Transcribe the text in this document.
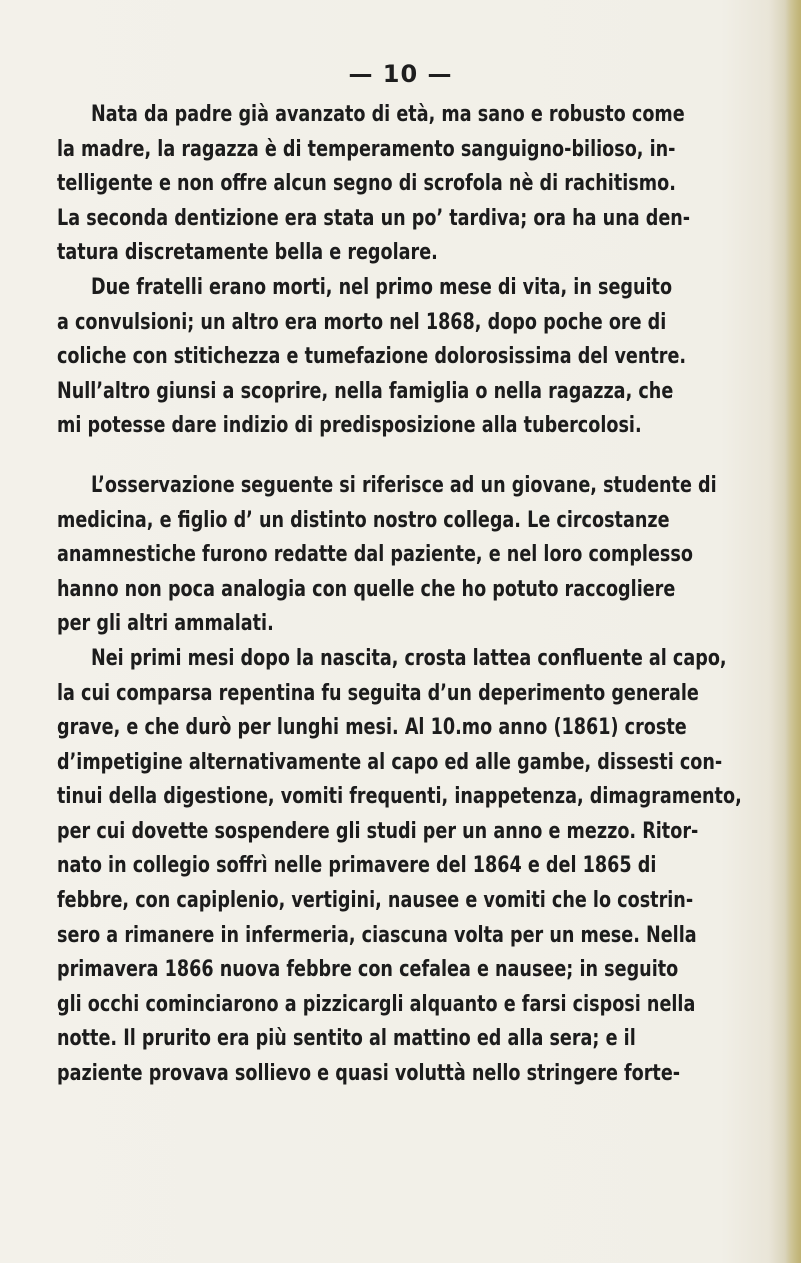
— 10 —
Nata da padre già avanzato di età, ma sano e robusto come
la madre, la ragazza è di temperamento sanguigno-bilioso, in-
telligente e non offre alcun segno di scrofola nè di rachitismo.
La seconda dentizione era stata un po’ tardiva; ora ha una den-
tatura discretamente bella e regolare.
Due fratelli erano morti, nel primo mese di vita, in seguito
a convulsioni; un altro era morto nel 1868, dopo poche ore di
coliche con stitichezza e tumefazione dolorosissima del ventre.
Null’altro giunsi a scoprire, nella famiglia o nella ragazza, che
mi potesse dare indizio di predisposizione alla tubercolosi.
L’osservazione seguente si riferisce ad un giovane, studente di
medicina, e figlio d’ un distinto nostro collega. Le circostanze
anamnestiche furono redatte dal paziente, e nel loro complesso
hanno non poca analogia con quelle che ho potuto raccogliere
per gli altri ammalati.
Nei primi mesi dopo la nascita, crosta lattea confluente al capo,
la cui comparsa repentina fu seguita d’un deperimento generale
grave, e che durò per lunghi mesi. Al 10.mo anno (1861) croste
d’impetigine alternativamente al capo ed alle gambe, dissesti con-
tinui della digestione, vomiti frequenti, inappetenza, dimagramento,
per cui dovette sospendere gli studi per un anno e mezzo. Ritor-
nato in collegio soffrì nelle primavere del 1864 e del 1865 di
febbre, con capiplenio, vertigini, nausee e vomiti che lo costrin-
sero a rimanere in infermeria, ciascuna volta per un mese. Nella
primavera 1866 nuova febbre con cefalea e nausee; in seguito
gli occhi cominciarono a pizzicargli alquanto e farsi cisposi nella
notte. Il prurito era più sentito al mattino ed alla sera; e il
paziente provava sollievo e quasi voluttà nello stringere forte-
